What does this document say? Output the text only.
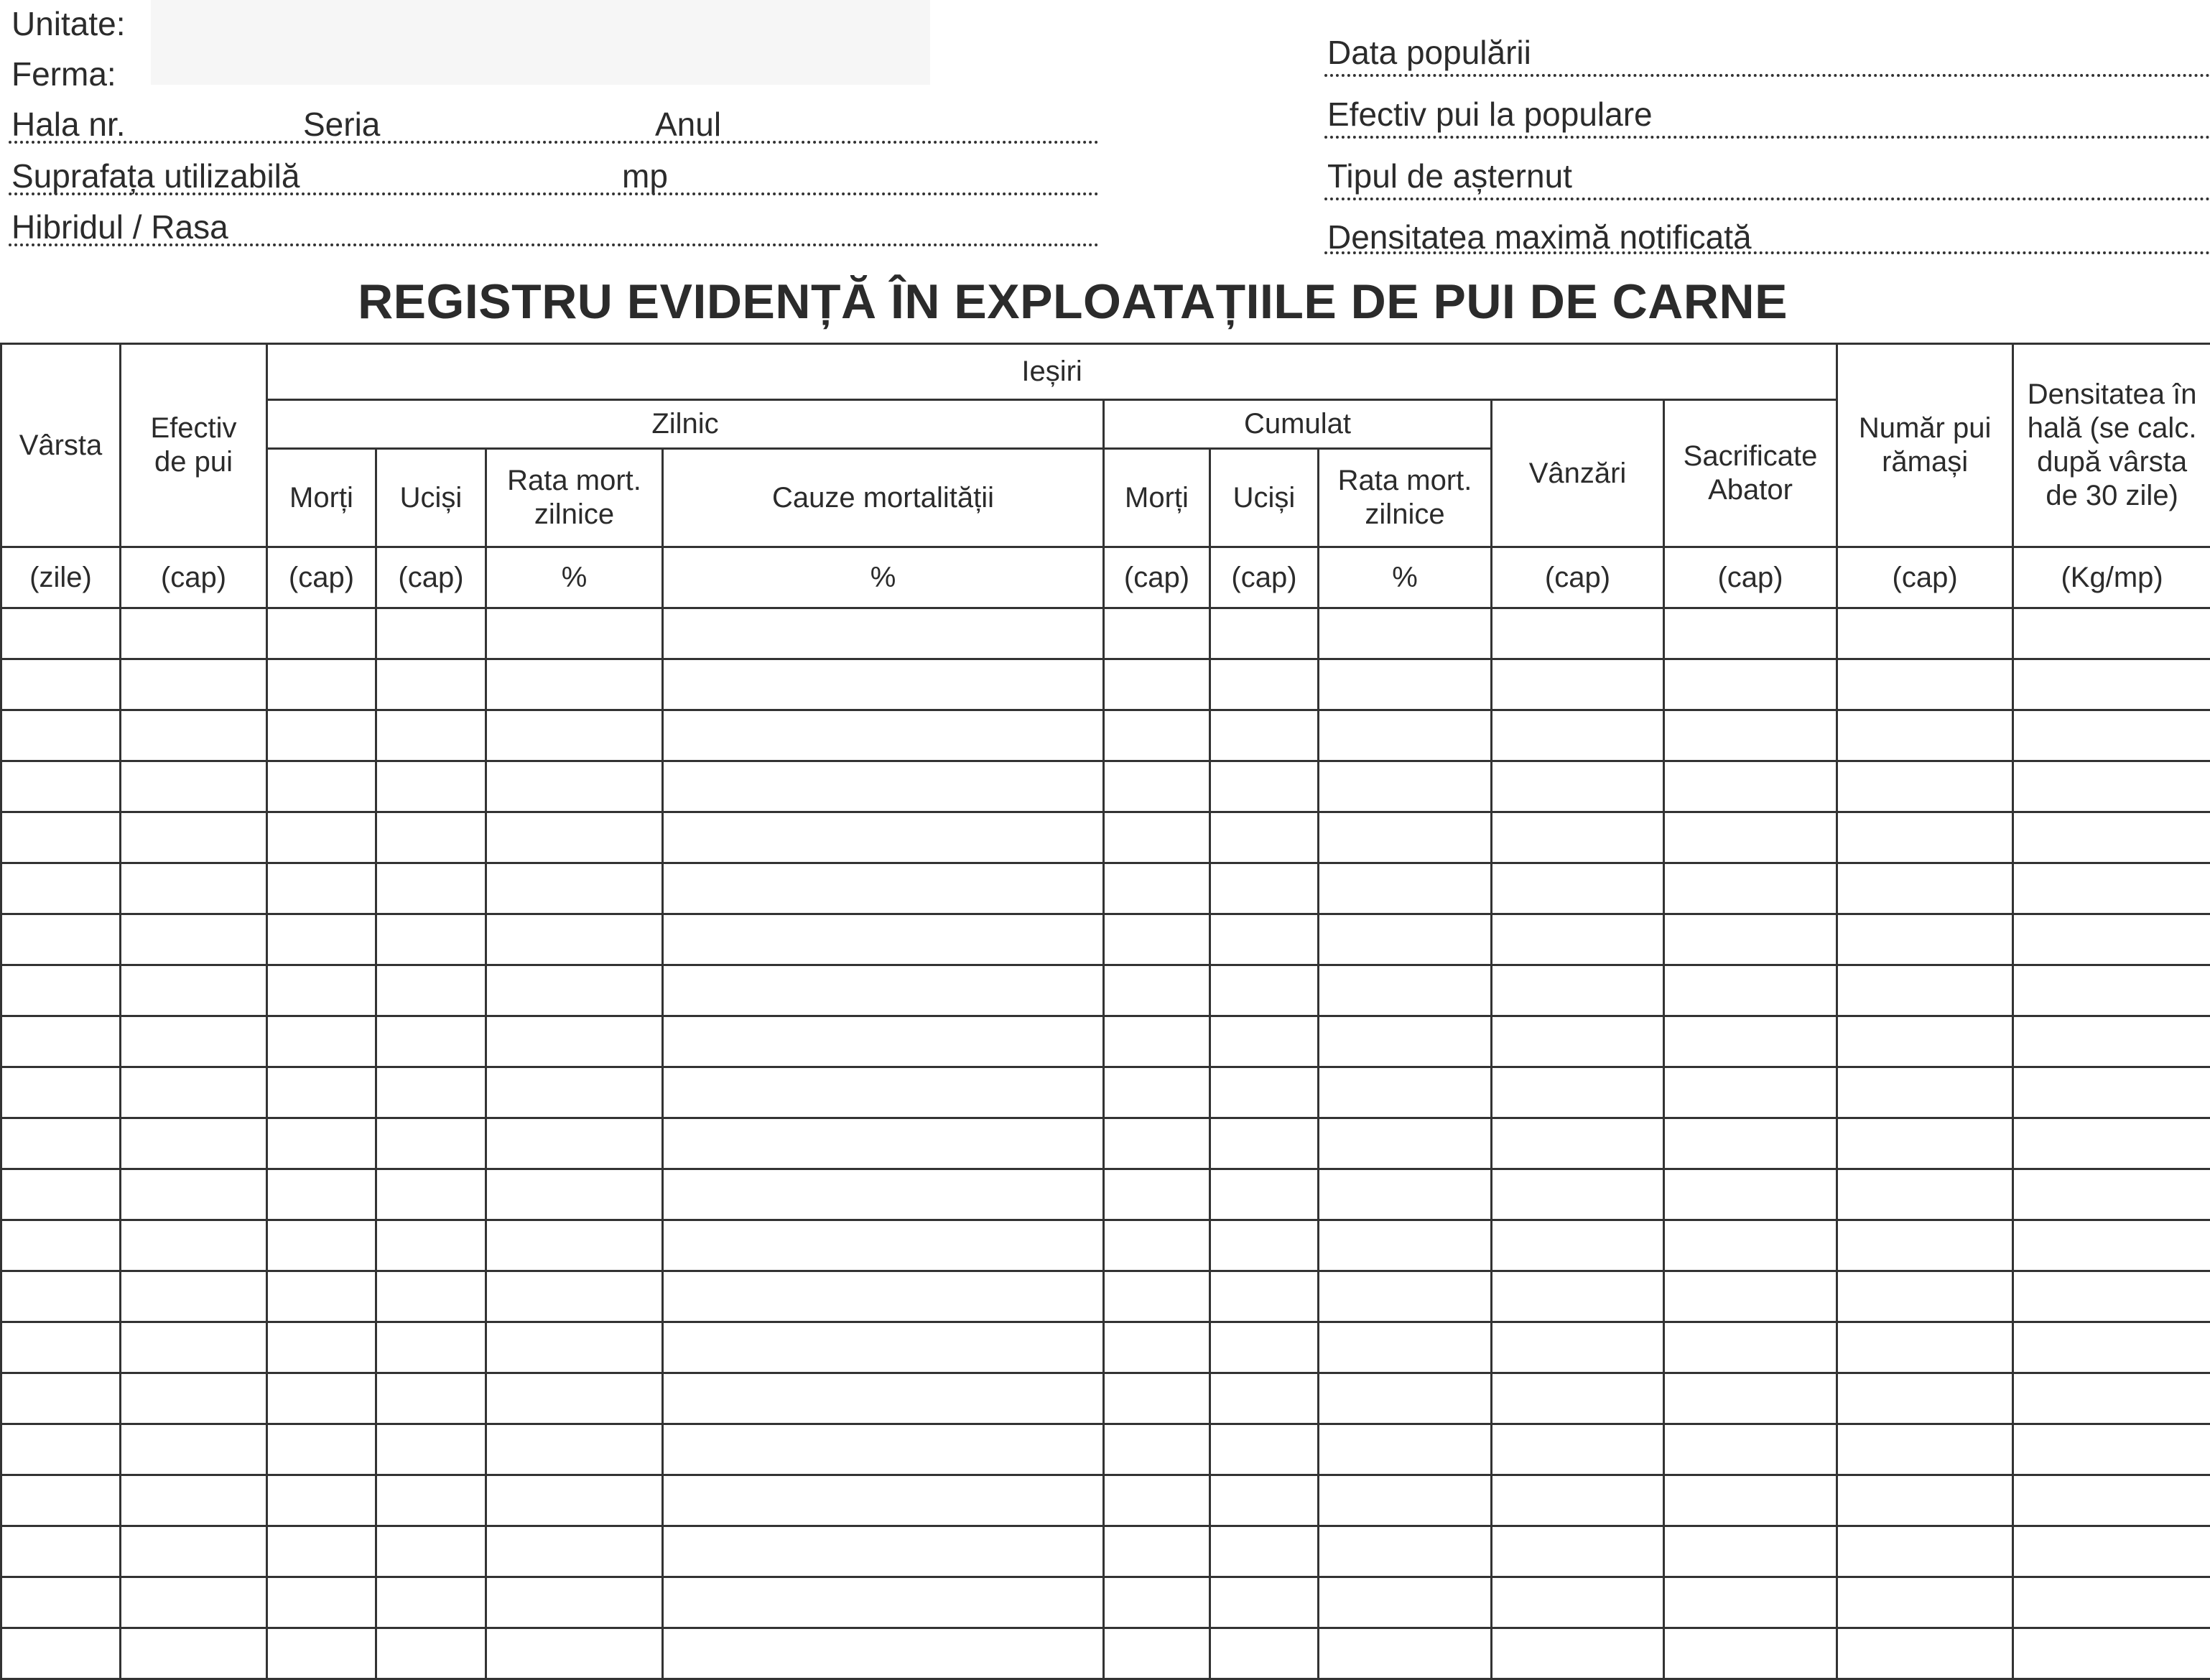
Unitate:
Ferma:
Hala nr.	Seria	Anul
Suprafața utilizabilă	mp
Hibridul / Rasa
Data populării
Efectiv pui la populare
Tipul de așternut
Densitatea maximă notificată
REGISTRU EVIDENȚĂ ÎN EXPLOATAȚIILE DE PUI DE CARNE
Vârsta	Efectiv de pui	Ieșiri									Număr pui rămași	Densitatea în hală (se calc. după vârsta de 30 zile)

		Zilnic				Cumulat			Vânzări	Sacrificate Abator		

		Morți	Uciși	Rata mort. zilnice	Cauze mortalității	Morți	Uciși	Rata mort. zilnice				

(zile)	(cap)	(cap)	(cap)	%	%	(cap)	(cap)	%	(cap)	(cap)	(cap)	(Kg/mp)
